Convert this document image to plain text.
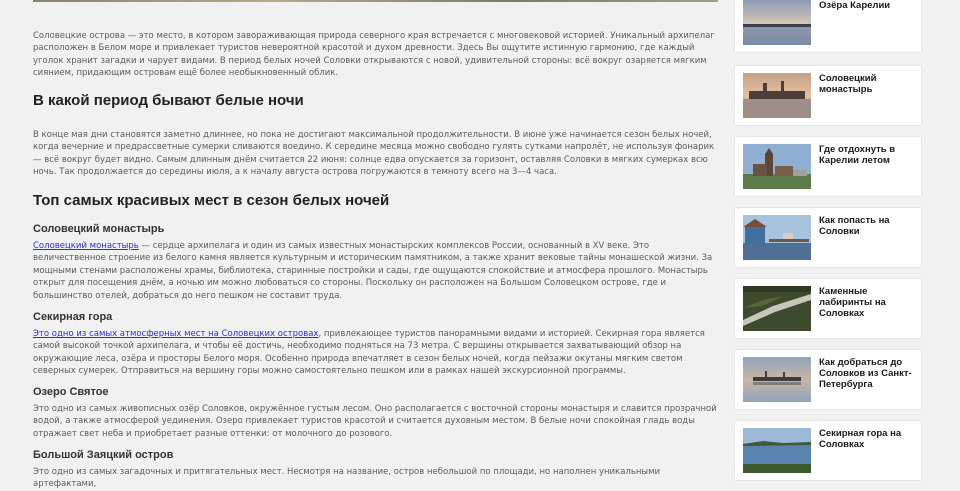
Соловецкие острова — это место, в котором завораживающая природа северного края встречается с многовековой историей. Уникальный архипелаг расположен в Белом море и привлекает туристов невероятной красотой и духом древности. Здесь Вы ощутите истинную гармонию, где каждый уголок хранит загадки и чарует видами. В период белых ночей Соловки открываются с новой, удивительной стороны: всё вокруг озаряется мягким сиянием, придающим островам ещё более необыкновенный облик.

В какой период бывают белые ночи

В конце мая дни становятся заметно длиннее, но пока не достигают максимальной продолжительности. В июне уже начинается сезон белых ночей, когда вечерние и предрассветные сумерки сливаются воедино. К середине месяца можно свободно гулять сутками напролёт, не используя фонарик — всё вокруг будет видно. Самым длинным днём считается 22 июня: солнце едва опускается за горизонт, оставляя Соловки в мягких сумерках всю ночь. Так продолжается до середины июля, а к началу августа острова погружаются в темноту всего на 3—4 часа.

Топ самых красивых мест в сезон белых ночей
Соловецкий монастырь

Соловецкий монастырь — сердце архипелага и один из самых известных монастырских комплексов России, основанный в XV веке. Это величественное строение из белого камня является культурным и историческим памятником, а также хранит вековые тайны монашеской жизни. За мощными стенами расположены храмы, библиотека, старинные постройки и сады, где ощущаются спокойствие и атмосфера прошлого. Монастырь открыт для посещения днём, а ночью им можно любоваться со стороны. Поскольку он расположен на Большом Соловецком острове, где и большинство отелей, добраться до него пешком не составит труда.

Секирная гора

Это одно из самых атмосферных мест на Соловецких островах, привлекающее туристов панорамными видами и историей. Секирная гора является самой высокой точкой архипелага, и чтобы её достичь, необходимо подняться на 73 метра. С вершины открывается захватывающий обзор на окружающие леса, озёра и просторы Белого моря. Особенно природа впечатляет в сезон белых ночей, когда пейзажи окутаны мягким светом северных сумерек. Отправиться на вершину горы можно самостоятельно пешком или в рамках нашей экскурсионной программы.

Озеро Святое

Это одно из самых живописных озёр Соловков, окружённое густым лесом. Оно располагается с восточной стороны монастыря и славится прозрачной водой, а также атмосферой уединения. Озеро привлекает туристов красотой и считается духовным местом. В белые ночи спокойная гладь воды отражает свет неба и приобретает разные оттенки: от молочного до розового.

Большой Заяцкий остров

Это одно из самых загадочных и притягательных мест. Несмотря на название, остров небольшой по площади, но наполнен уникальными артефактами,

Озёра Карелии
Соловецкий монастырь
Где отдохнуть в Карелии летом
Как попасть на Соловки
Каменные лабиринты на Соловках
Как добраться до Соловков из Санкт-Петербурга
Секирная гора на Соловках
